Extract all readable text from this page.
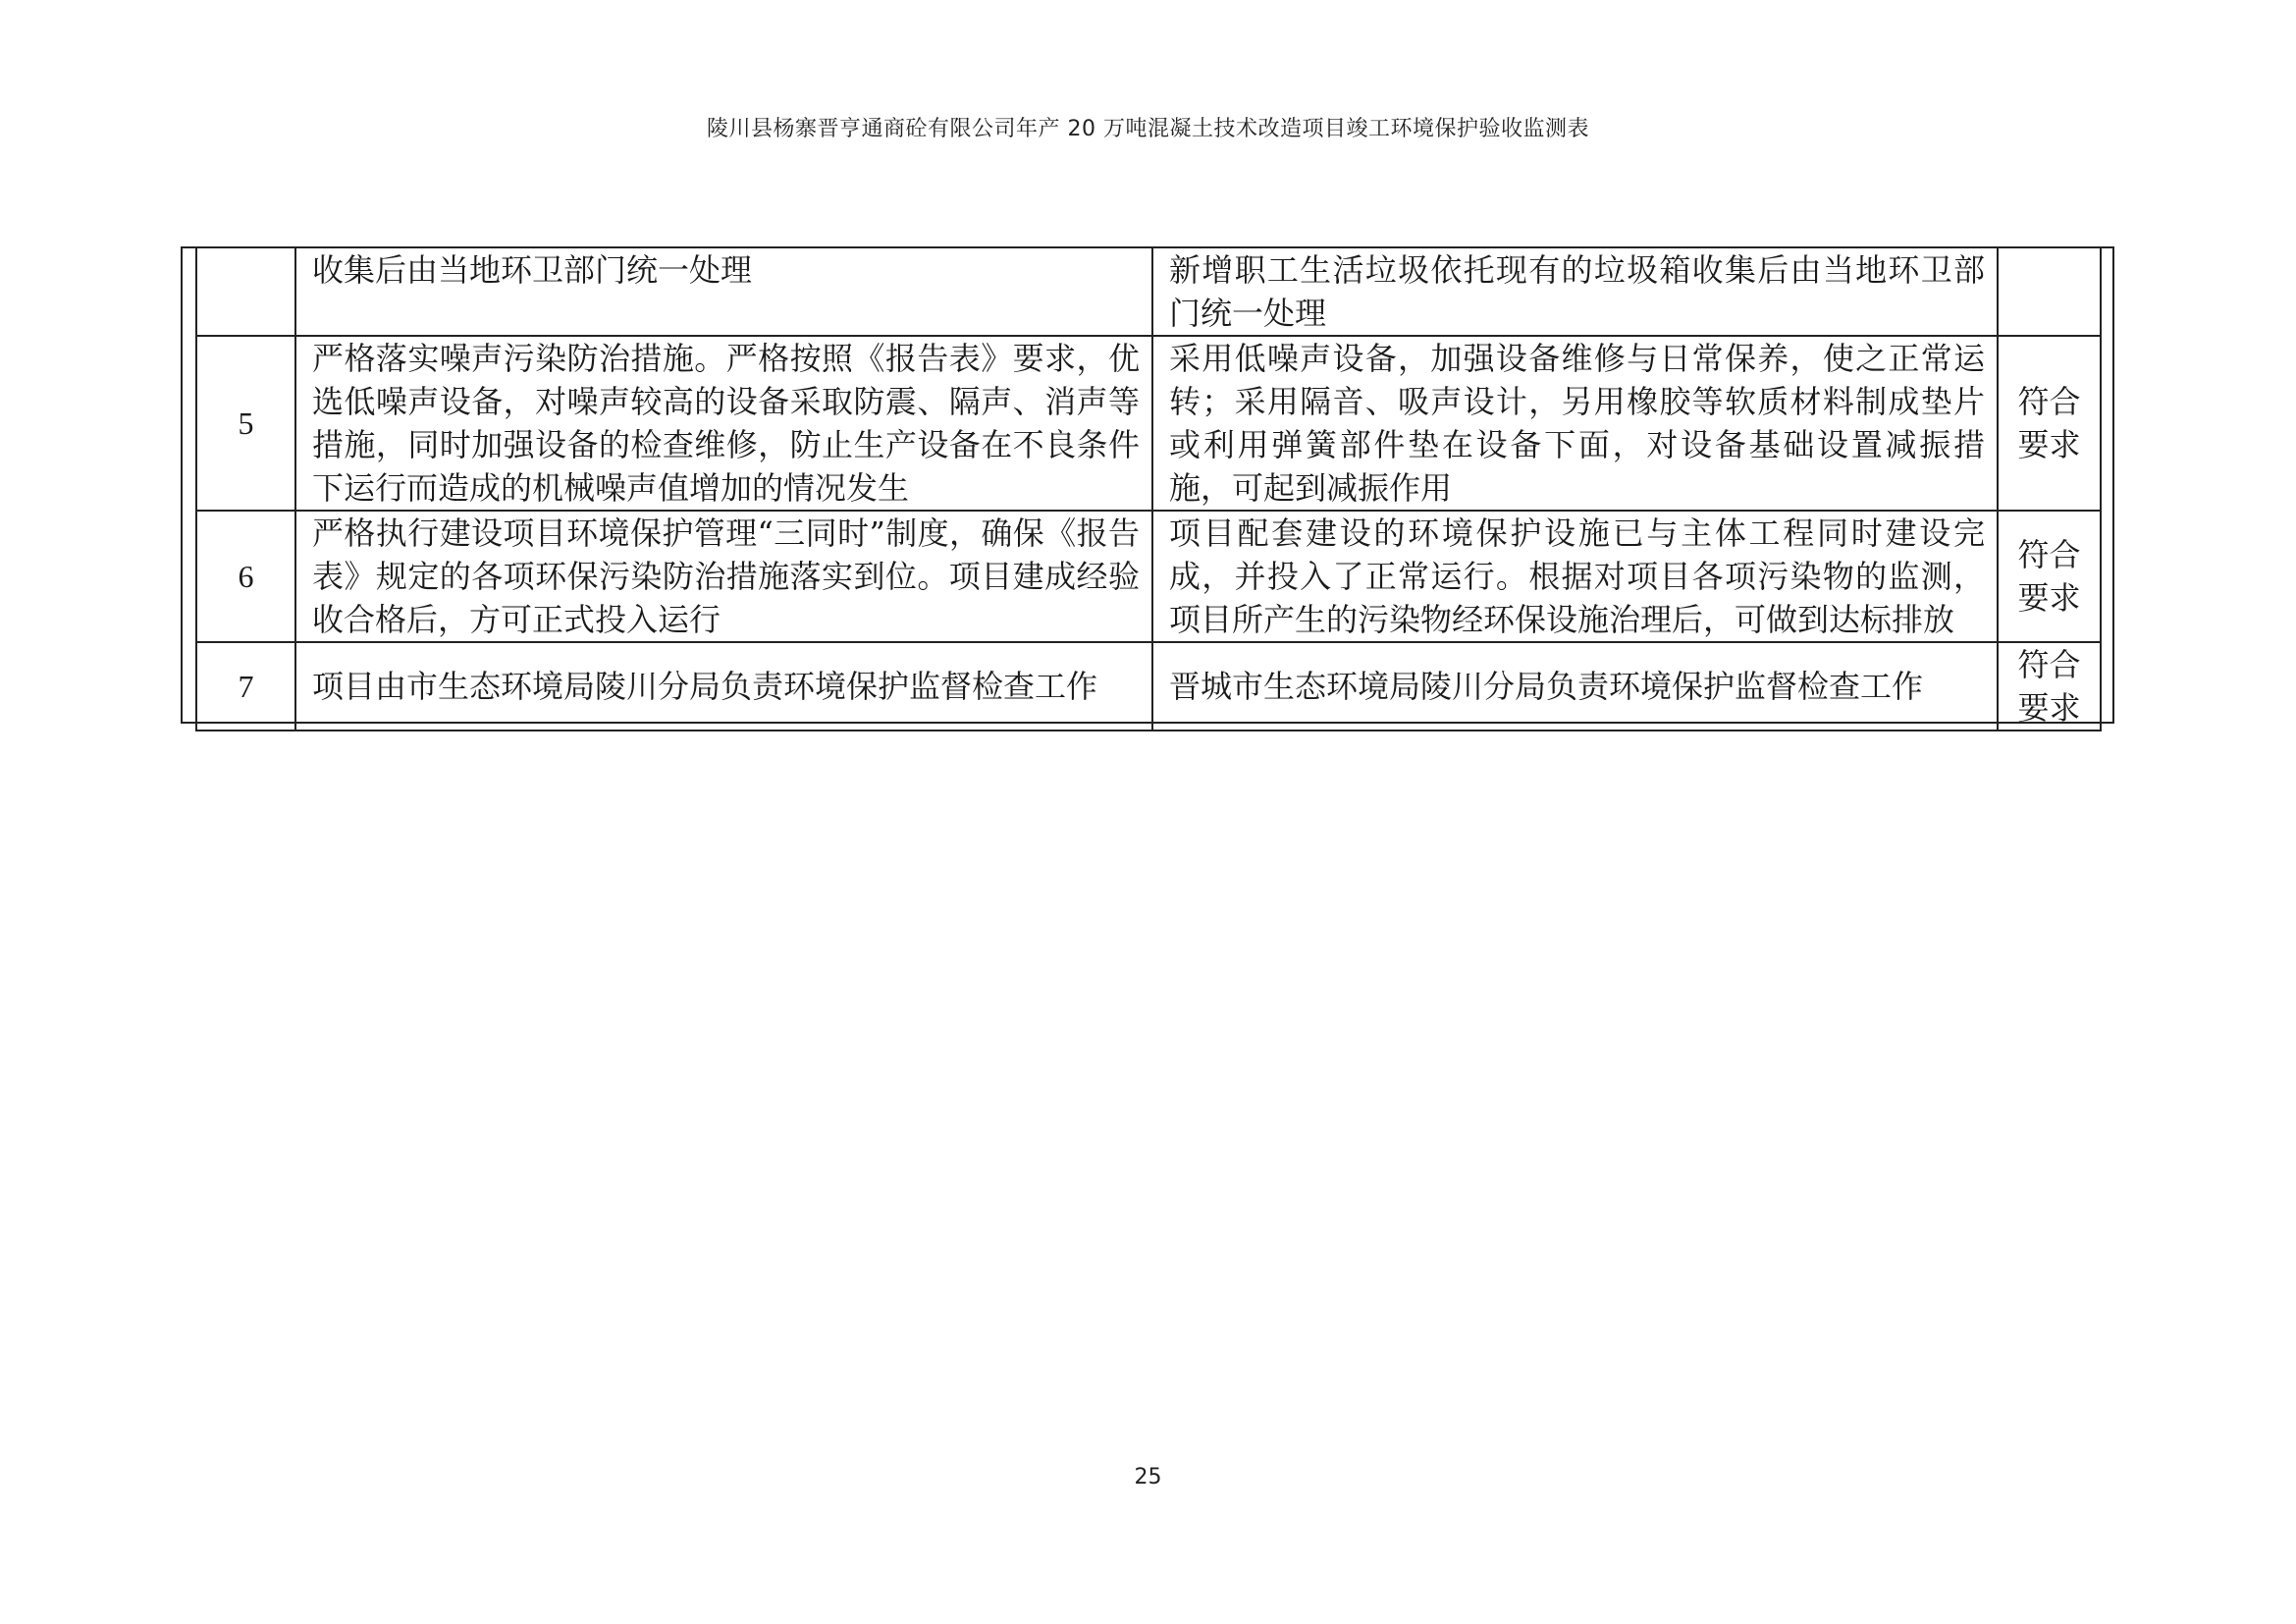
陵川县杨寨晋亨通商砼有限公司年产 20 万吨混凝土技术改造项目竣工环境保护验收监测表
	收集后由当地环卫部门统一处理	新增职工生活垃圾依托现有的垃圾箱收集后由当地环卫部门统一处理	
5	严格落实噪声污染防治措施。严格按照《报告表》要求，优选低噪声设备，对噪声较高的设备采取防震、隔声、消声等措施，同时加强设备的检查维修，防止生产设备在不良条件下运行而造成的机械噪声值增加的情况发生	采用低噪声设备，加强设备维修与日常保养，使之正常运转；采用隔音、吸声设计，另用橡胶等软质材料制成垫片或利用弹簧部件垫在设备下面，对设备基础设置减振措施，可起到减振作用	符合要求
6	严格执行建设项目环境保护管理“三同时”制度，确保《报告表》规定的各项环保污染防治措施落实到位。项目建成经验收合格后，方可正式投入运行	项目配套建设的环境保护设施已与主体工程同时建设完成，并投入了正常运行。根据对项目各项污染物的监测，项目所产生的污染物经环保设施治理后，可做到达标排放	符合要求
7	项目由市生态环境局陵川分局负责环境保护监督检查工作	晋城市生态环境局陵川分局负责环境保护监督检查工作	符合要求
25
